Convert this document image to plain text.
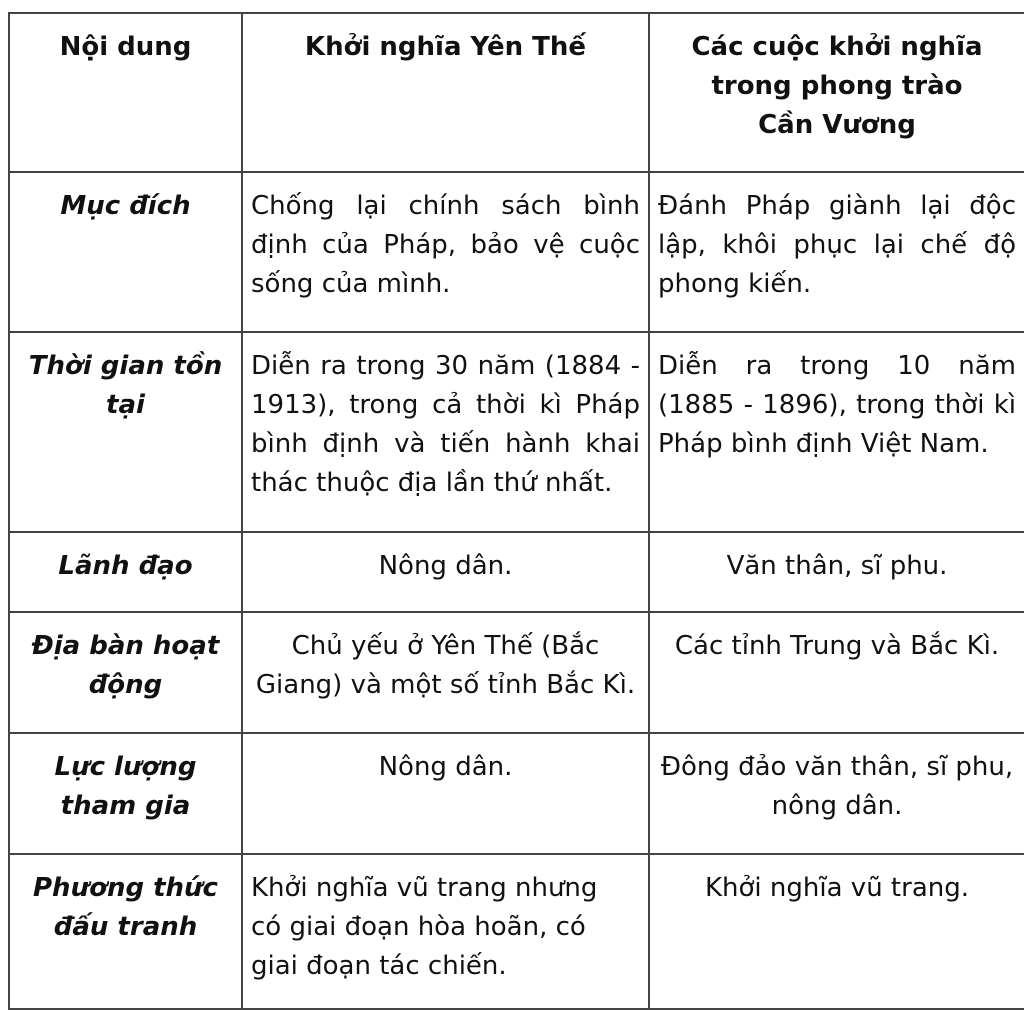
Nội dung	Khởi nghĩa Yên Thế	Các cuộc khởi nghĩa trong phong trào Cần Vương
Mục đích	Chống lại chính sách bình định của Pháp, bảo vệ cuộc sống của mình.	Đánh Pháp giành lại độc lập, khôi phục lại chế độ phong kiến.
Thời gian tồn tại	Diễn ra trong 30 năm (1884 - 1913), trong cả thời kì Pháp bình định và tiến hành khai thác thuộc địa lần thứ nhất.	Diễn ra trong 10 năm (1885 - 1896), trong thời kì Pháp bình định Việt Nam.
Lãnh đạo	Nông dân.	Văn thân, sĩ phu.
Địa bàn hoạt động	Chủ yếu ở Yên Thế (Bắc Giang) và một số tỉnh Bắc Kì.	Các tỉnh Trung và Bắc Kì.
Lực lượng tham gia	Nông dân.	Đông đảo văn thân, sĩ phu, nông dân.
Phương thức đấu tranh	Khởi nghĩa vũ trang nhưng có giai đoạn hòa hoãn, có giai đoạn tác chiến.	Khởi nghĩa vũ trang.
